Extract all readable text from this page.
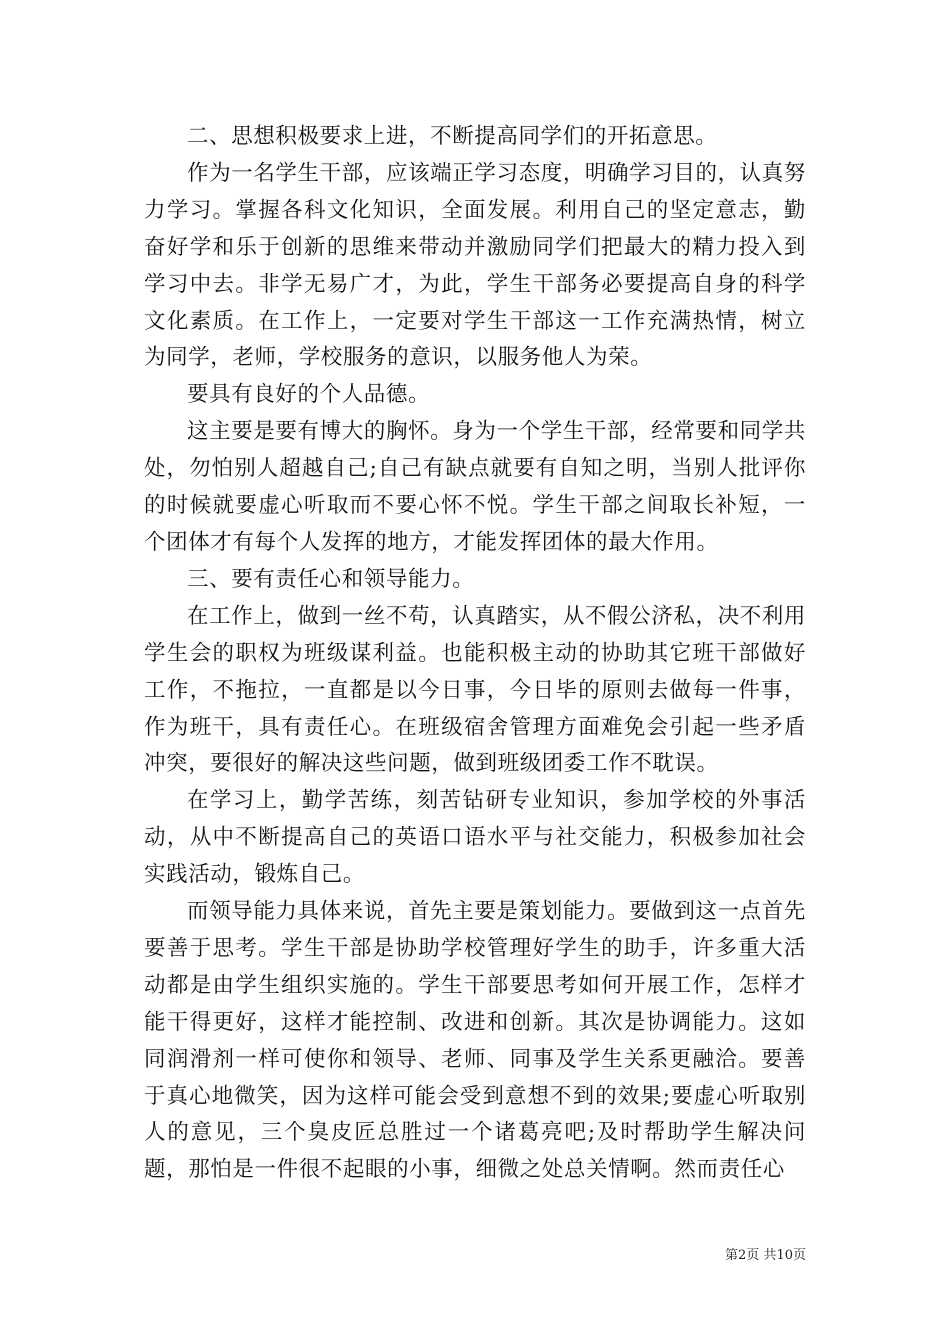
二、思想积极要求上进，不断提高同学们的开拓意思。

作为一名学生干部，应该端正学习态度，明确学习目的，认真努力学习。掌握各科文化知识，全面发展。利用自己的坚定意志，勤奋好学和乐于创新的思维来带动并激励同学们把最大的精力投入到学习中去。非学无易广才，为此，学生干部务必要提高自身的科学文化素质。在工作上，一定要对学生干部这一工作充满热情，树立为同学，老师，学校服务的意识，以服务他人为荣。

要具有良好的个人品德。

这主要是要有博大的胸怀。身为一个学生干部，经常要和同学共处，勿怕别人超越自己;自己有缺点就要有自知之明，当别人批评你的时候就要虚心听取而不要心怀不悦。学生干部之间取长补短，一个团体才有每个人发挥的地方，才能发挥团体的最大作用。

三、要有责任心和领导能力。

在工作上，做到一丝不苟，认真踏实，从不假公济私，决不利用学生会的职权为班级谋利益。也能积极主动的协助其它班干部做好工作，不拖拉，一直都是以今日事，今日毕的原则去做每一件事，作为班干，具有责任心。在班级宿舍管理方面难免会引起一些矛盾冲突，要很好的解决这些问题，做到班级团委工作不耽误。

在学习上，勤学苦练，刻苦钻研专业知识，参加学校的外事活动，从中不断提高自己的英语口语水平与社交能力，积极参加社会实践活动，锻炼自己。

而领导能力具体来说，首先主要是策划能力。要做到这一点首先要善于思考。学生干部是协助学校管理好学生的助手，许多重大活动都是由学生组织实施的。学生干部要思考如何开展工作，怎样才能干得更好，这样才能控制、改进和创新。其次是协调能力。这如同润滑剂一样可使你和领导、老师、同事及学生关系更融洽。要善于真心地微笑，因为这样可能会受到意想不到的效果;要虚心听取别人的意见，三个臭皮匠总胜过一个诸葛亮吧;及时帮助学生解决问题，那怕是一件很不起眼的小事，细微之处总关情啊。然而责任心

第2页 共10页
